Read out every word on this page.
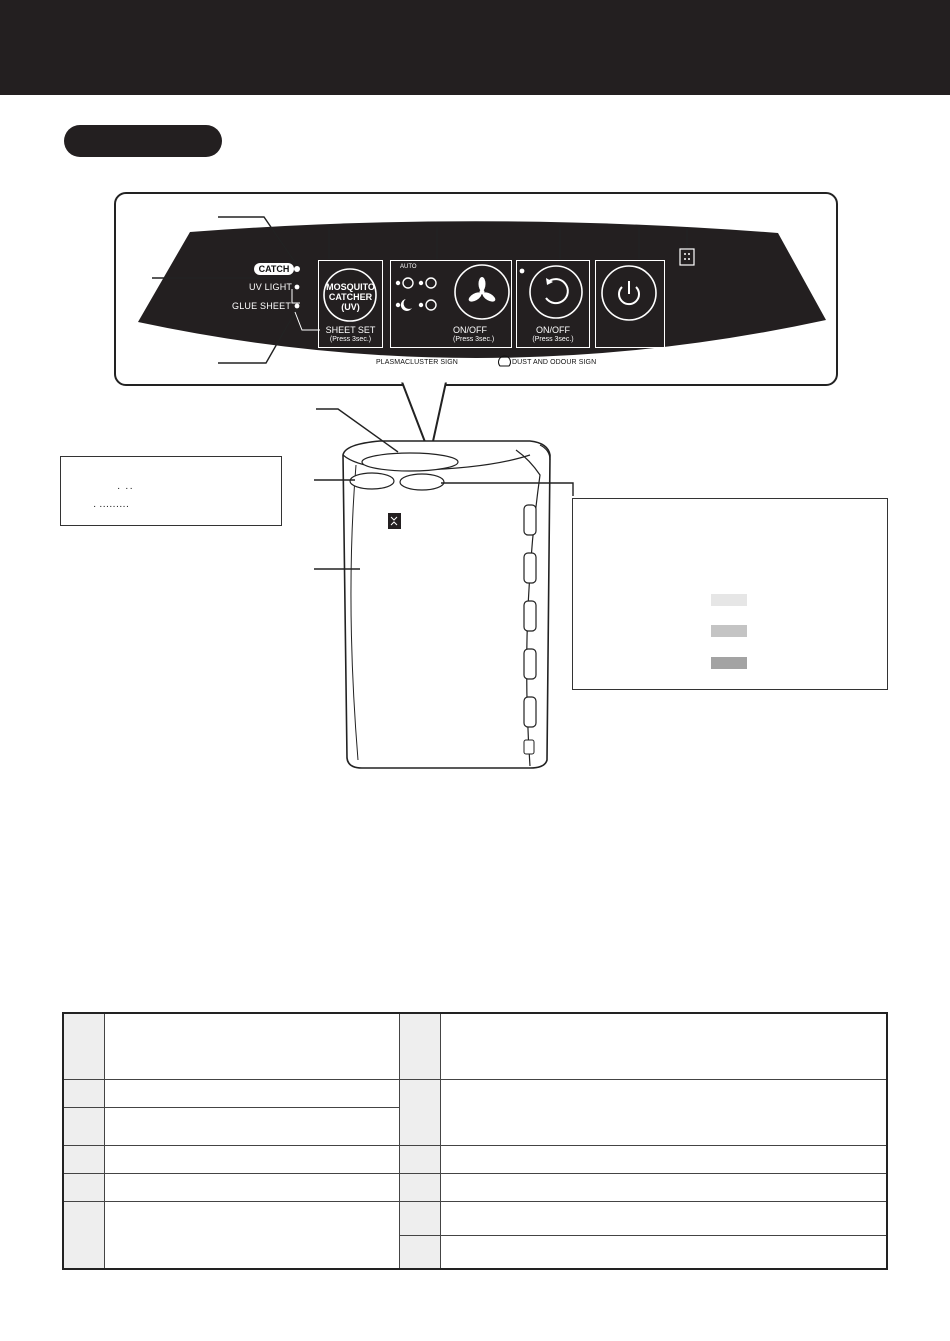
CATCH
UV LIGHT
GLUE SHEET
MOSQUITO
CATCHER
(UV)
SHEET SET
(Press 3sec.)
AUTO
ON/OFF
(Press 3sec.)
ON/OFF
(Press 3sec.)
PLASMACLUSTER SIGN	DUST AND ODOUR SIGN
· ··
· ·········
